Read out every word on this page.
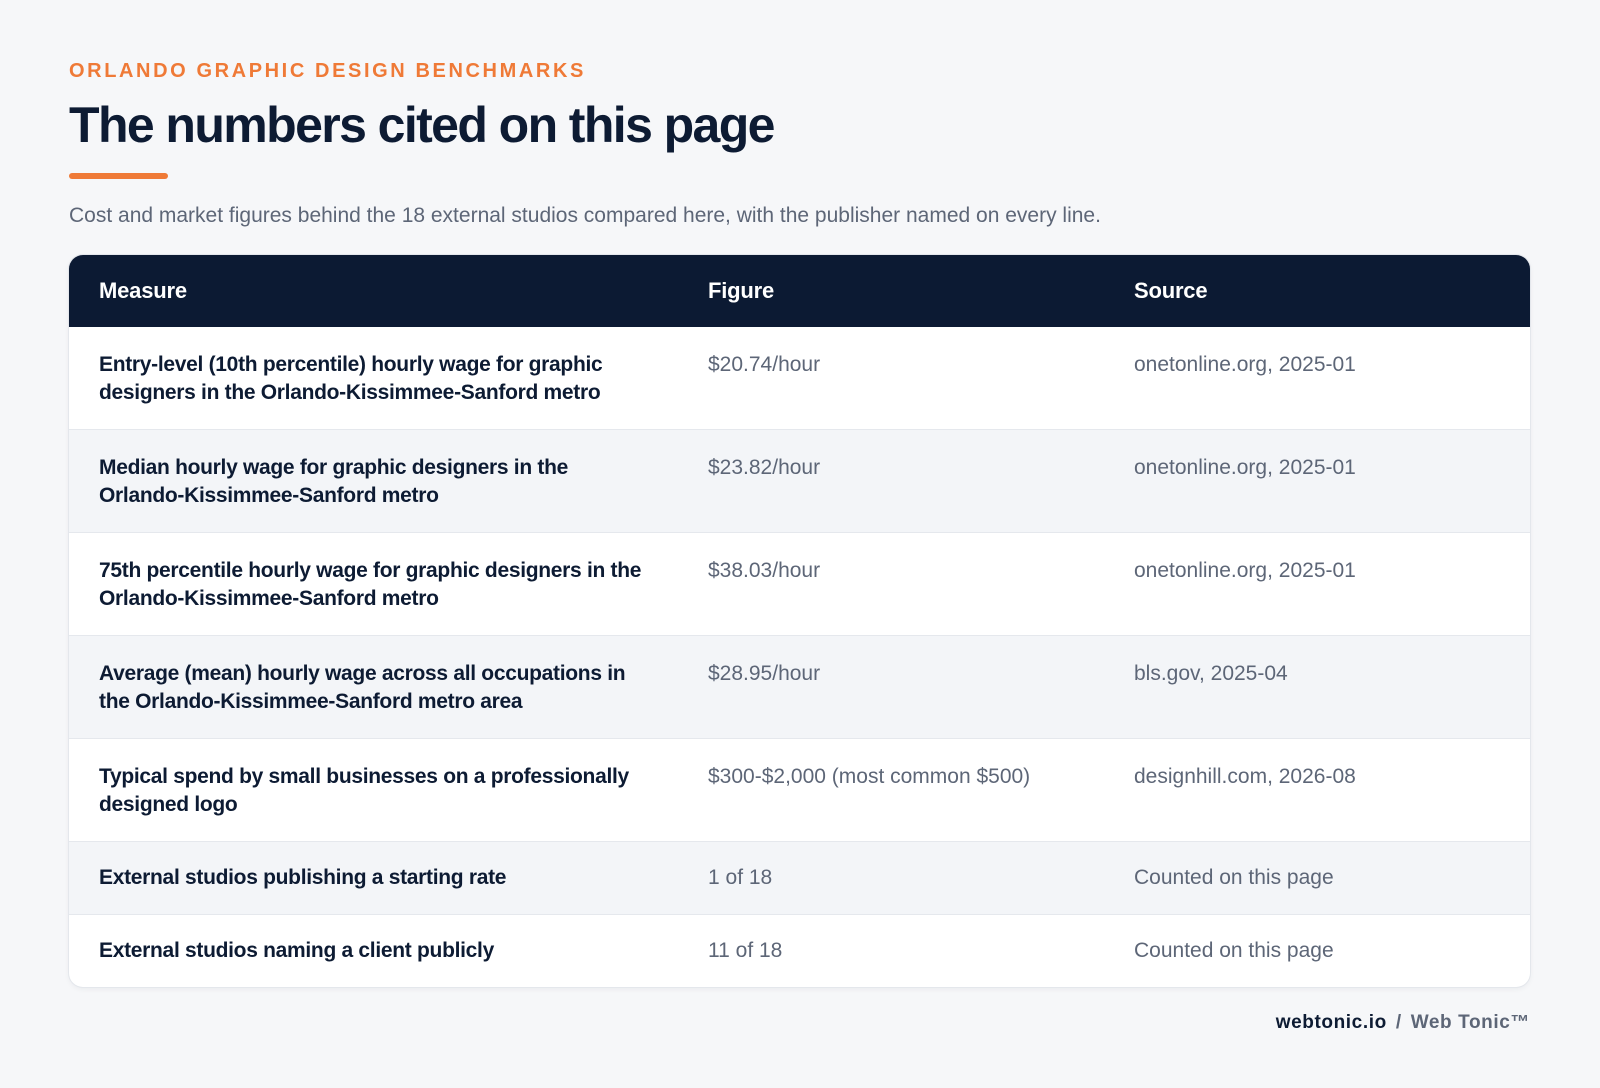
ORLANDO GRAPHIC DESIGN BENCHMARKS

The numbers cited on this page

Cost and market figures behind the 18 external studios compared here, with the publisher named on every line.

Measure	Figure	Source
Entry-level (10th percentile) hourly wage for graphic designers in the Orlando-Kissimmee-Sanford metro	$20.74/hour	onetonline.org, 2025-01
Median hourly wage for graphic designers in the Orlando-Kissimmee-Sanford metro	$23.82/hour	onetonline.org, 2025-01
75th percentile hourly wage for graphic designers in the Orlando-Kissimmee-Sanford metro	$38.03/hour	onetonline.org, 2025-01
Average (mean) hourly wage across all occupations in the Orlando-Kissimmee-Sanford metro area	$28.95/hour	bls.gov, 2025-04
Typical spend by small businesses on a professionally designed logo	$300-$2,000 (most common $500)	designhill.com, 2026-08
External studios publishing a starting rate	1 of 18	Counted on this page
External studios naming a client publicly	11 of 18	Counted on this page
webtonic.io / Web Tonic™
